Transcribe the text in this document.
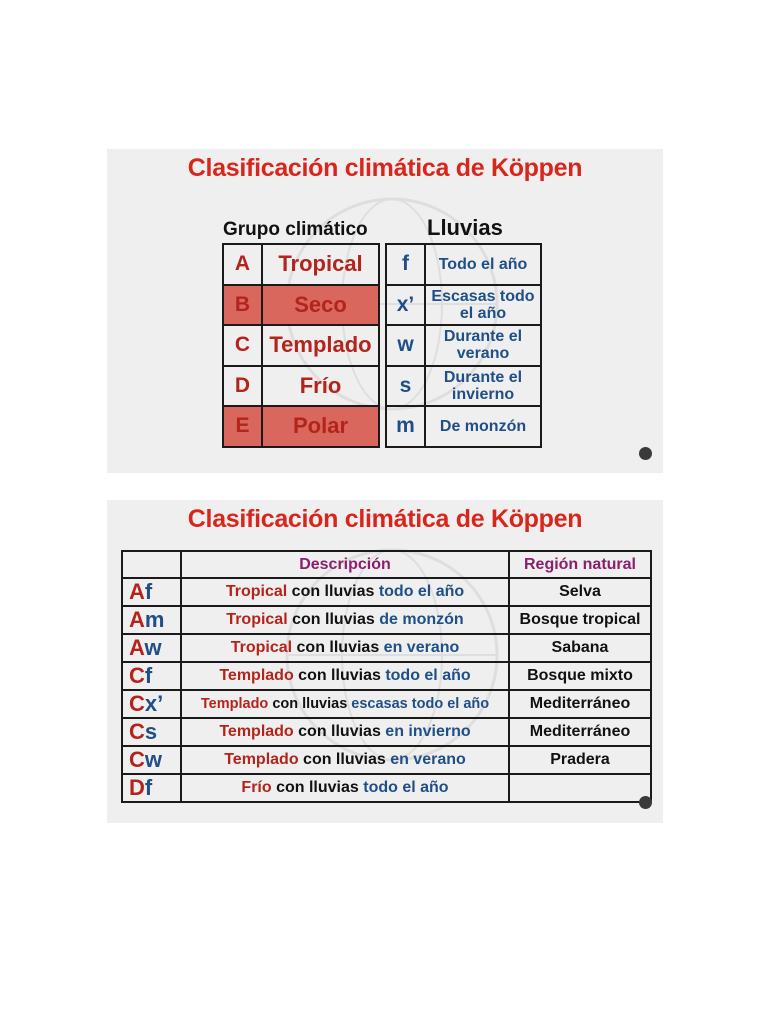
Clasificación climática de Köppen
Grupo climático	Lluvias
A	Tropical
B	Seco
C	Templado
D	Frío
E	Polar
f	Todo el año

x’	Escasas todo
el año

w	Durante el
verano

s	Durante el
invierno

m	De monzón
Clasificación climática de Köppen
	Descripción	Región natural
Af	Tropical con lluvias todo el año	Selva
Am	Tropical con lluvias de monzón	Bosque tropical
Aw	Tropical con lluvias en verano	Sabana
Cf	Templado con lluvias todo el año	Bosque mixto
Cx’	Templado con lluvias escasas todo el año	Mediterráneo
Cs	Templado con lluvias en invierno	Mediterráneo
Cw	Templado con lluvias en verano	Pradera
Df	Frío con lluvias todo el año	
